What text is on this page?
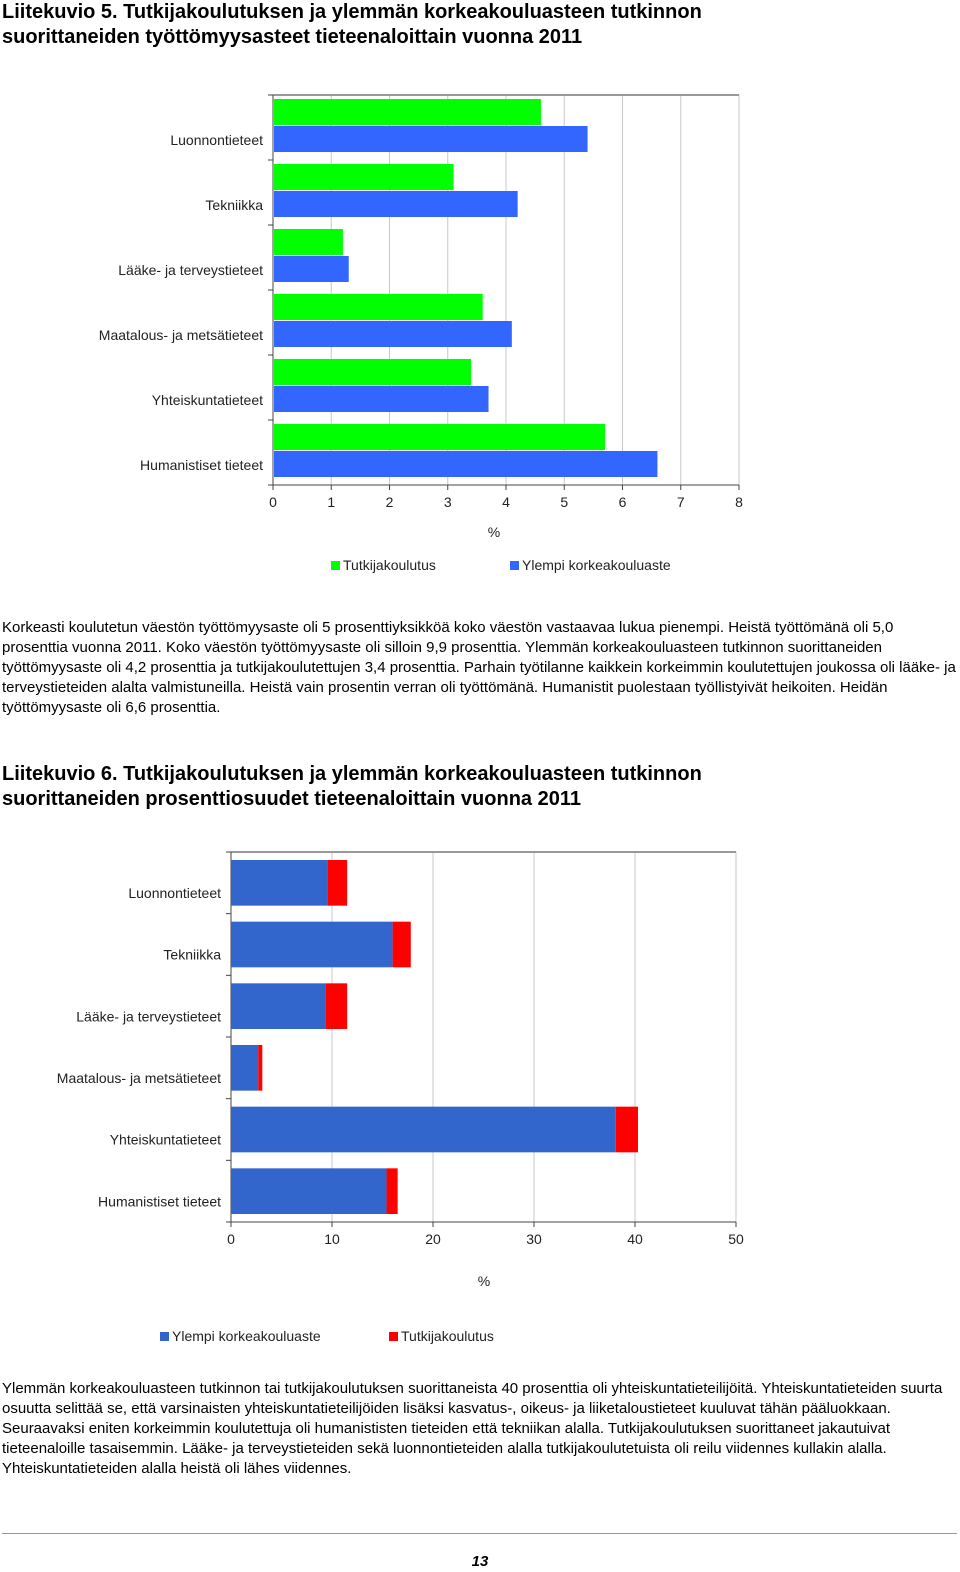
Liitekuvio 5. Tutkijakoulutuksen ja ylemmän korkeakouluasteen tutkinnon suorittaneiden työttömyysasteet tieteenaloittain vuonna 2011
0	1	2	3	4	5	6	7	8
%
Luonnontieteet
Tekniikka
Lääke- ja terveystieteet
Maatalous- ja metsätieteet
Yhteiskuntatieteet
Humanistiset tieteet
Tutkijakoulutus	Ylempi korkeakouluaste

Korkeasti koulutetun väestön työttömyysaste oli 5 prosenttiyksikköä koko väestön vastaavaa lukua pienempi. Heistä työttömänä oli 5,0 prosenttia vuonna 2011. Koko väestön työttömyysaste oli silloin 9,9 prosenttia. Ylemmän korkeakouluasteen tutkinnon suorittaneiden työttömyysaste oli 4,2 prosenttia ja tutkijakoulutettujen 3,4 prosenttia. Parhain työtilanne kaikkein korkeimmin koulutettujen joukossa oli lääke- ja terveystieteiden alalta valmistuneilla. Heistä vain prosentin verran oli työttömänä. Humanistit puolestaan työllistyivät heikoiten. Heidän työttömyysaste oli 6,6 prosenttia.

Liitekuvio 6. Tutkijakoulutuksen ja ylemmän korkeakouluasteen tutkinnon suorittaneiden prosenttiosuudet tieteenaloittain vuonna 2011
0	10	20	30	40	50
%
Luonnontieteet
Tekniikka
Lääke- ja terveystieteet
Maatalous- ja metsätieteet
Yhteiskuntatieteet
Humanistiset tieteet
Ylempi korkeakouluaste	Tutkijakoulutus

Ylemmän korkeakouluasteen tutkinnon tai tutkijakoulutuksen suorittaneista 40 prosenttia oli yhteiskuntatieteilijöitä. Yhteiskuntatieteiden suurta osuutta selittää se, että varsinaisten yhteiskuntatieteilijöiden lisäksi kasvatus-, oikeus- ja liiketaloustieteet kuuluvat tähän pääluokkaan. Seuraavaksi eniten korkeimmin koulutettuja oli humanististen tieteiden että tekniikan alalla. Tutkijakoulutuksen suorittaneet jakautuivat tieteenaloille tasaisemmin. Lääke- ja terveystieteiden sekä luonnontieteiden alalla tutkijakoulutetuista oli reilu viidennes kullakin alalla. Yhteiskuntatieteiden alalla heistä oli lähes viidennes.

13
